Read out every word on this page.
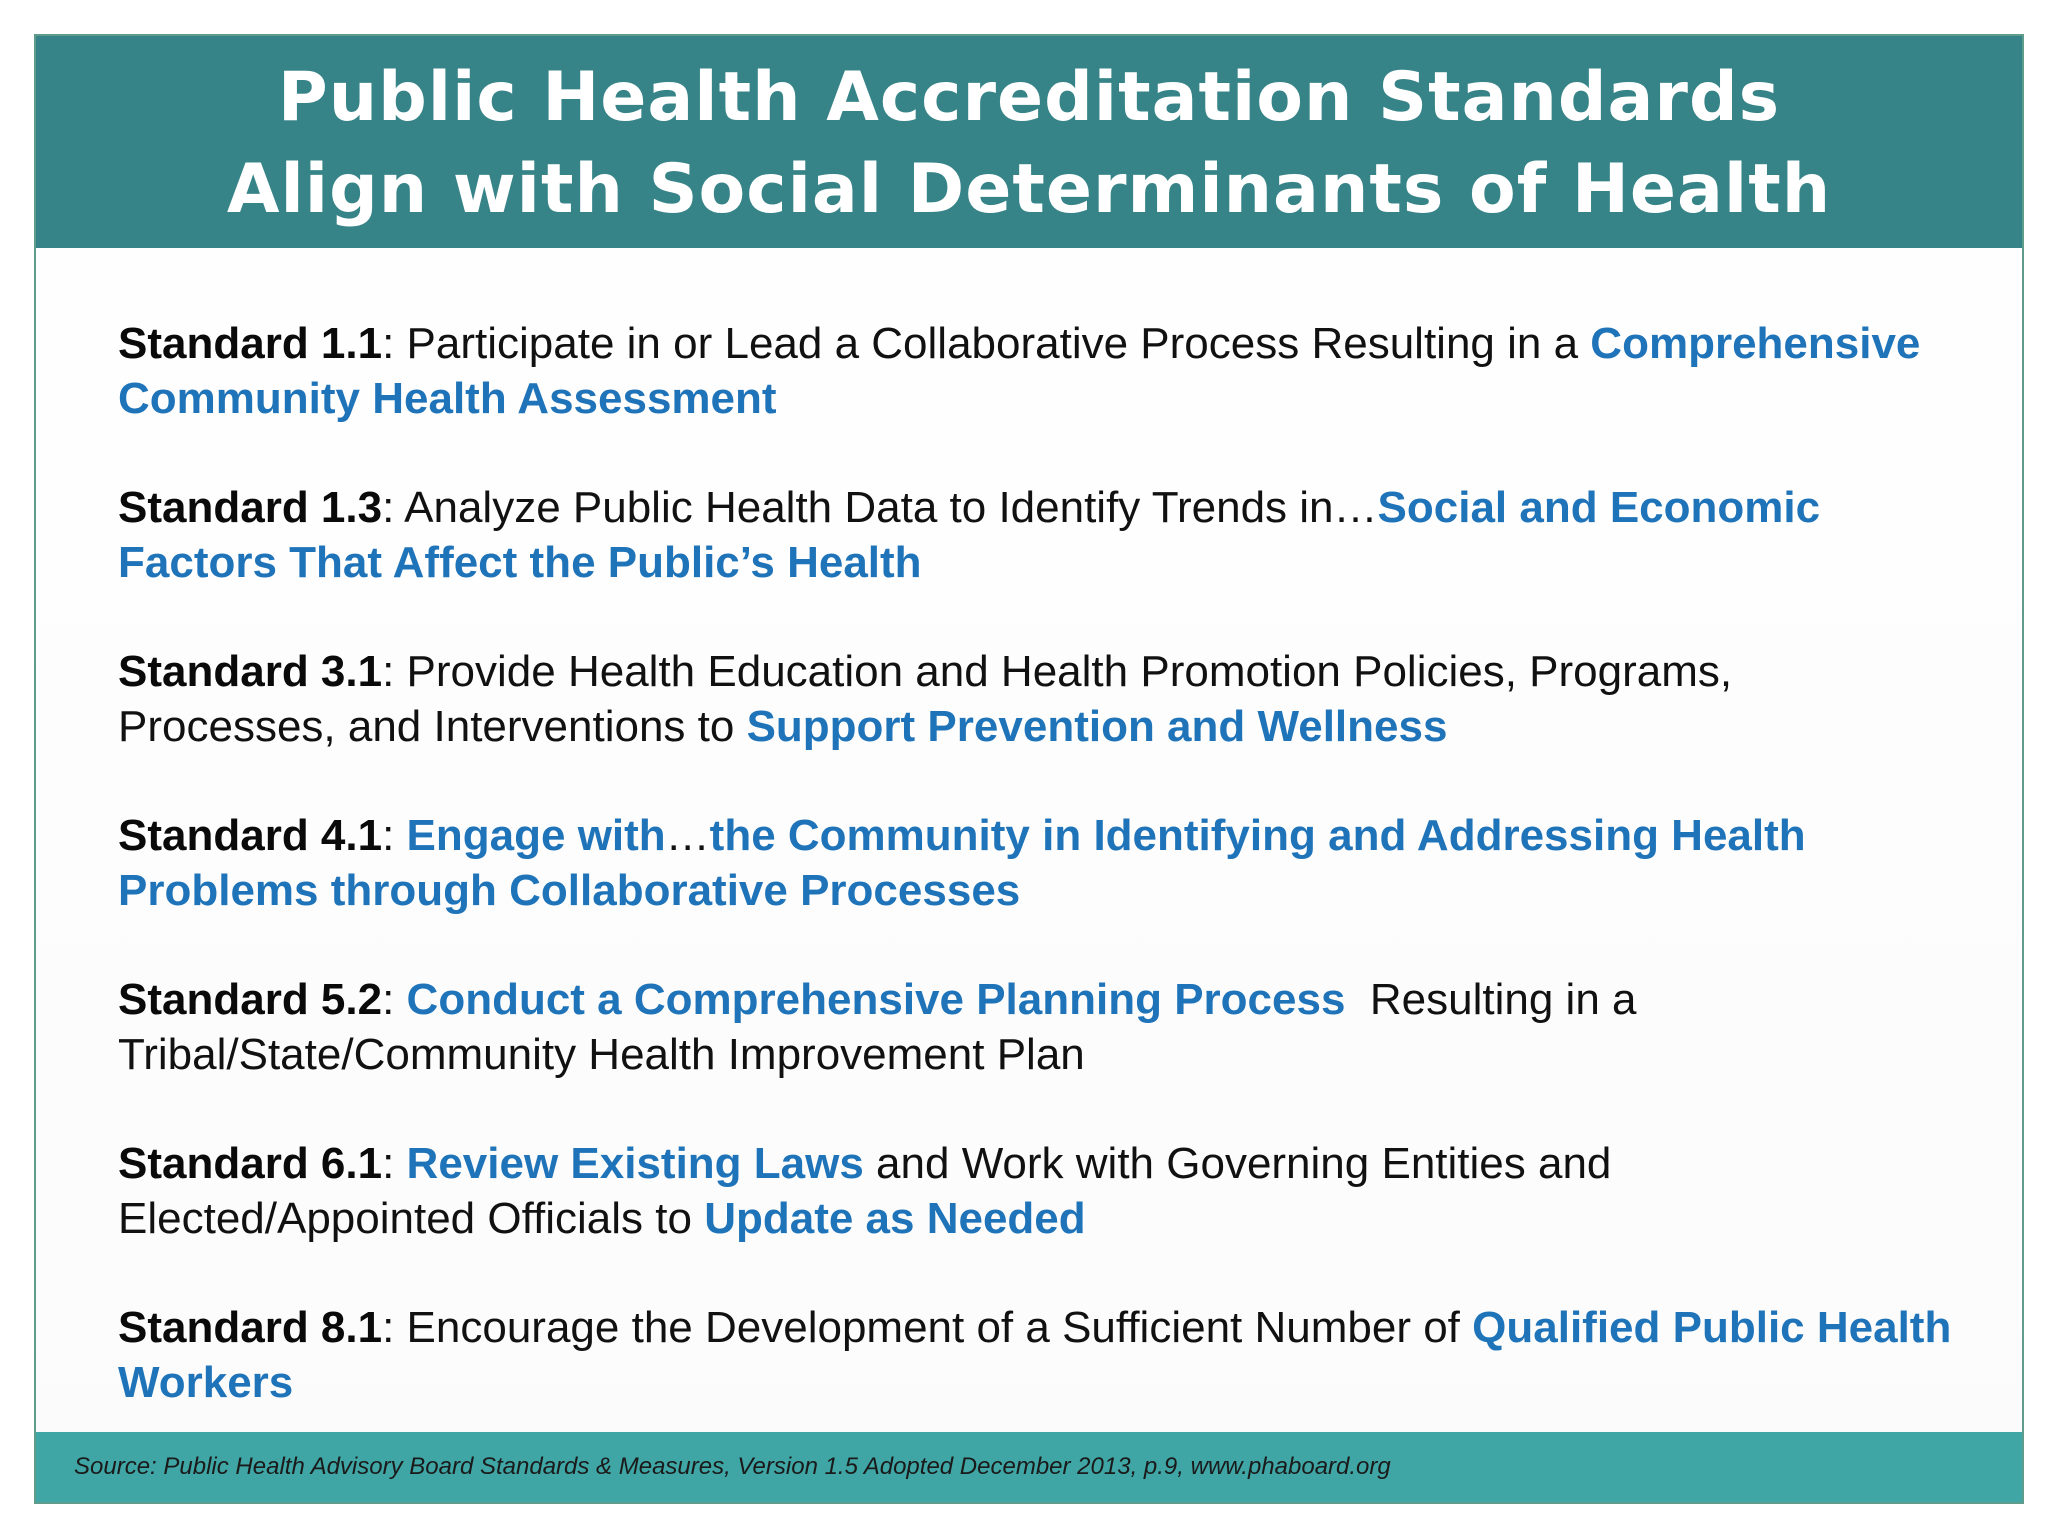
Public Health Accreditation Standards
Align with Social Determinants of Health
Standard 1.1: Participate in or Lead a Collaborative Process Resulting in a Comprehensive Community Health Assessment
Standard 1.3: Analyze Public Health Data to Identify Trends in…Social and Economic Factors That Affect the Public’s Health
Standard 3.1: Provide Health Education and Health Promotion Policies, Programs, Processes, and Interventions to Support Prevention and Wellness
Standard 4.1: Engage with…the Community in Identifying and Addressing Health Problems through Collaborative Processes
Standard 5.2: Conduct a Comprehensive Planning Process  Resulting in a Tribal/State/Community Health Improvement Plan
Standard 6.1: Review Existing Laws and Work with Governing Entities and Elected/Appointed Officials to Update as Needed
Standard 8.1: Encourage the Development of a Sufficient Number of Qualified Public Health Workers
Source: Public Health Advisory Board Standards & Measures, Version 1.5 Adopted December 2013, p.9, www.phaboard.org
